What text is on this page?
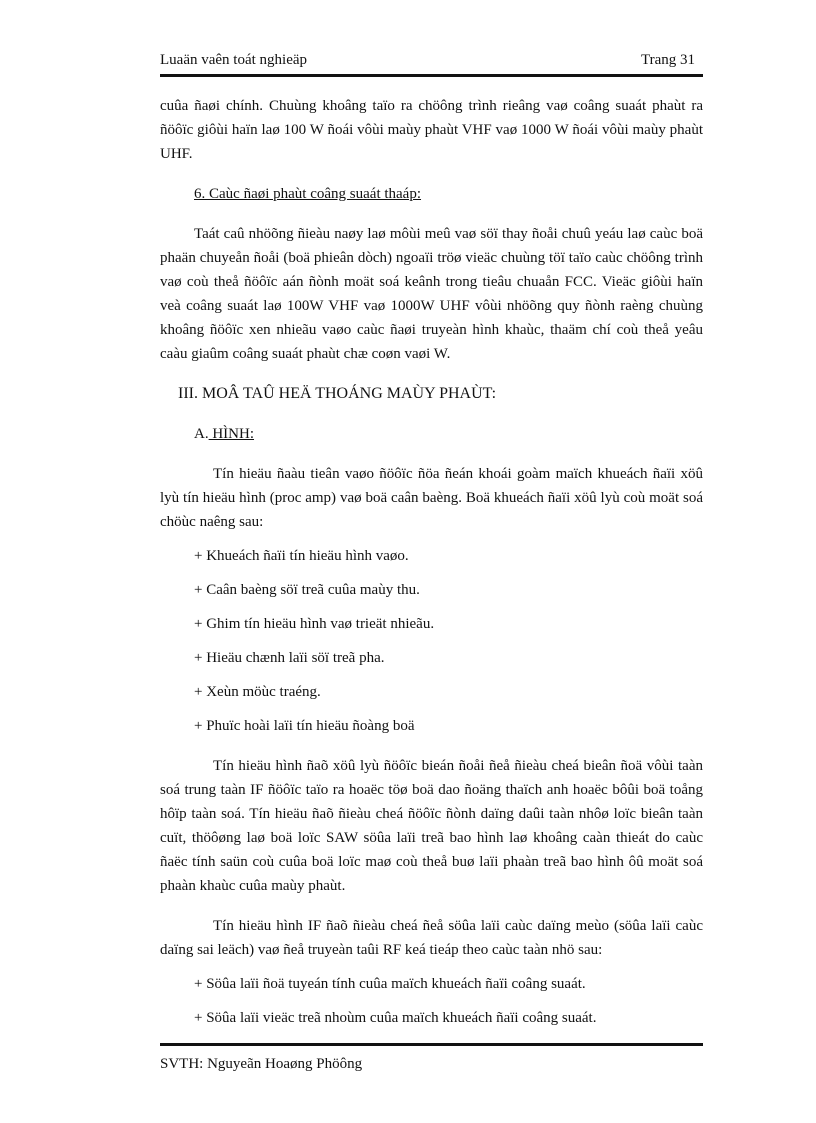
Luaän vaên toát nghieäp	Trang 31

cuûa ñaøi chính. Chuùng khoâng taïo ra chöông trình rieâng vaø coâng suaát phaùt ra ñöôïc giôùi haïn laø 100 W ñoái vôùi maùy phaùt VHF vaø 1000 W ñoái vôùi maùy phaùt UHF.

6. Caùc ñaøi phaùt coâng suaát thaáp:

Taát caû nhöõng ñieàu naøy laø môùi meû vaø söï thay ñoåi chuû yeáu laø caùc boä phaän chuyeån ñoåi (boä phieân dòch) ngoaïi tröø vieäc chuùng töï taïo caùc chöông trình vaø coù theå ñöôïc aán ñònh moät soá keânh trong tieâu chuaån FCC. Vieäc giôùi haïn veà coâng suaát laø 100W VHF vaø 1000W UHF vôùi nhöõng quy ñònh raèng chuùng khoâng ñöôïc xen nhieãu vaøo caùc ñaøi truyeàn hình khaùc, thaäm chí coù theå yeâu caàu giaûm coâng suaát phaùt chæ coøn vaøi W.

III. MOÂ TAÛ HEÄ THOÁNG MAÙY PHAÙT:

A. HÌNH:

Tín hieäu ñaàu tieân vaøo ñöôïc ñöa ñeán khoái goàm maïch khueách ñaïi xöû lyù tín hieäu hình (proc amp) vaø boä caân baèng. Boä khueách ñaïi xöû lyù coù moät soá chöùc naêng sau:

+ Khueách ñaïi tín hieäu hình vaøo.

+ Caân baèng söï treã cuûa maùy thu.

+ Ghim tín hieäu hình vaø trieät nhieãu.

+ Hieäu chænh laïi söï treã pha.

+ Xeùn möùc traéng.

+ Phuïc hoài laïi tín hieäu ñoàng boä

Tín hieäu hình ñaõ xöû lyù ñöôïc bieán ñoåi ñeå ñieàu cheá bieân ñoä vôùi taàn soá trung taàn IF ñöôïc taïo ra hoaëc töø boä dao ñoäng thaïch anh hoaëc bôûi boä toång hôïp taàn soá. Tín hieäu ñaõ ñieàu cheá ñöôïc ñònh daïng daûi taàn nhôø loïc bieân taàn cuït, thöôøng laø boä loïc SAW söûa laïi treã bao hình laø khoâng caàn thieát do caùc ñaëc tính saün coù cuûa boä loïc maø coù theå buø laïi phaàn treã bao hình ôû moät soá phaàn khaùc cuûa maùy phaùt.

Tín hieäu hình IF ñaõ ñieàu cheá ñeå söûa laïi caùc daïng meùo (söûa laïi caùc daïng sai leäch) vaø ñeå truyeàn taûi RF keá tieáp theo caùc taàn nhö sau:

+ Söûa laïi ñoä tuyeán tính cuûa maïch khueách ñaïi coâng suaát.

+ Söûa laïi vieäc treã nhoùm cuûa maïch khueách ñaïi coâng suaát.

SVTH: Nguyeãn Hoaøng Phöông
